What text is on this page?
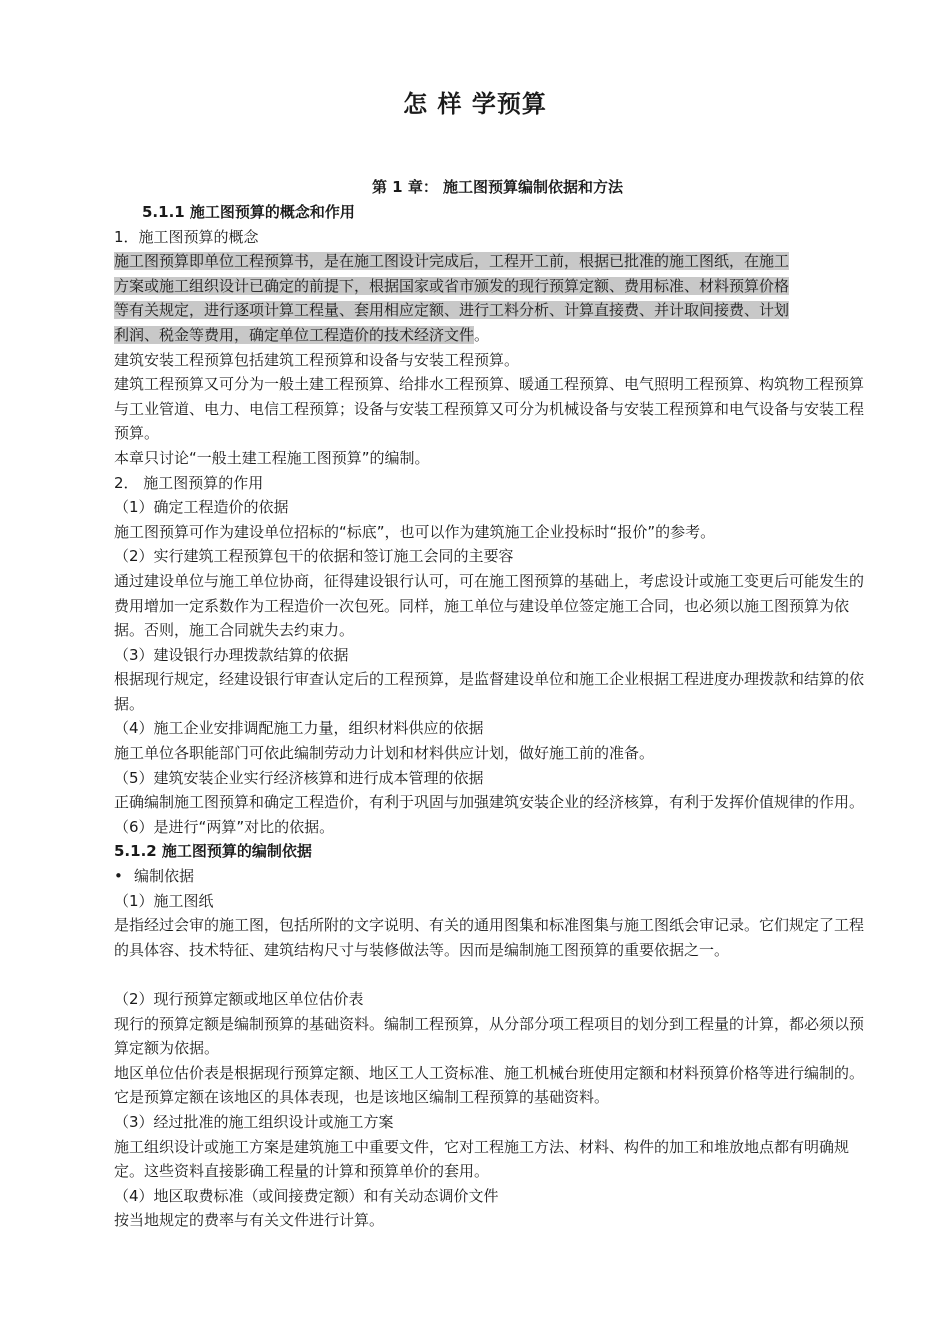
怎 样 学预算
第 1 章： 施工图预算编制依据和方法

5.1.1 施工图预算的概念和作用

1．施工图预算的概念

施工图预算即单位工程预算书，是在施工图设计完成后，工程开工前，根据已批准的施工图纸，在施工
方案或施工组织设计已确定的前提下，根据国家或省市颁发的现行预算定额、费用标准、材料预算价格
等有关规定，进行逐项计算工程量、套用相应定额、进行工料分析、计算直接费、并计取间接费、计划
利润、税金等费用，确定单位工程造价的技术经济文件。

建筑安装工程预算包括建筑工程预算和设备与安装工程预算。

建筑工程预算又可分为一般土建工程预算、给排水工程预算、暖通工程预算、电气照明工程预算、构筑物工程预算与工业管道、电力、电信工程预算；设备与安装工程预算又可分为机械设备与安装工程预算和电气设备与安装工程预算。

本章只讨论“一般土建工程施工图预算”的编制。

2． 施工图预算的作用

（1）确定工程造价的依据

施工图预算可作为建设单位招标的“标底”，也可以作为建筑施工企业投标时“报价”的参考。

（2）实行建筑工程预算包干的依据和签订施工会同的主要容

通过建设单位与施工单位协商，征得建设银行认可，可在施工图预算的基础上，考虑设计或施工变更后可能发生的费用增加一定系数作为工程造价一次包死。同样，施工单位与建设单位签定施工合同，也必须以施工图预算为依据。否则，施工合同就失去约束力。

（3）建设银行办理拨款结算的依据

根据现行规定，经建设银行审查认定后的工程预算，是监督建设单位和施工企业根据工程进度办理拨款和结算的依据。

（4）施工企业安排调配施工力量，组织材料供应的依据

施工单位各职能部门可依此编制劳动力计划和材料供应计划，做好施工前的准备。

（5）建筑安装企业实行经济核算和进行成本管理的依据

正确编制施工图预算和确定工程造价，有利于巩固与加强建筑安装企业的经济核算，有利于发挥价值规律的作用。

（6）是进行“两算”对比的依据。

5.1.2 施工图预算的编制依据

• 编制依据

（1）施工图纸

是指经过会审的施工图，包括所附的文字说明、有关的通用图集和标准图集与施工图纸会审记录。它们规定了工程的具体容、技术特征、建筑结构尺寸与装修做法等。因而是编制施工图预算的重要依据之一。

（2）现行预算定额或地区单位估价表

现行的预算定额是编制预算的基础资料。编制工程预算，从分部分项工程项目的划分到工程量的计算，都必须以预算定额为依据。

地区单位估价表是根据现行预算定额、地区工人工资标准、施工机械台班使用定额和材料预算价格等进行编制的。它是预算定额在该地区的具体表现，也是该地区编制工程预算的基础资料。

（3）经过批准的施工组织设计或施工方案

施工组织设计或施工方案是建筑施工中重要文件，它对工程施工方法、材料、构件的加工和堆放地点都有明确规定。这些资料直接影确工程量的计算和预算单价的套用。

（4）地区取费标准（或间接费定额）和有关动态调价文件

按当地规定的费率与有关文件进行计算。
